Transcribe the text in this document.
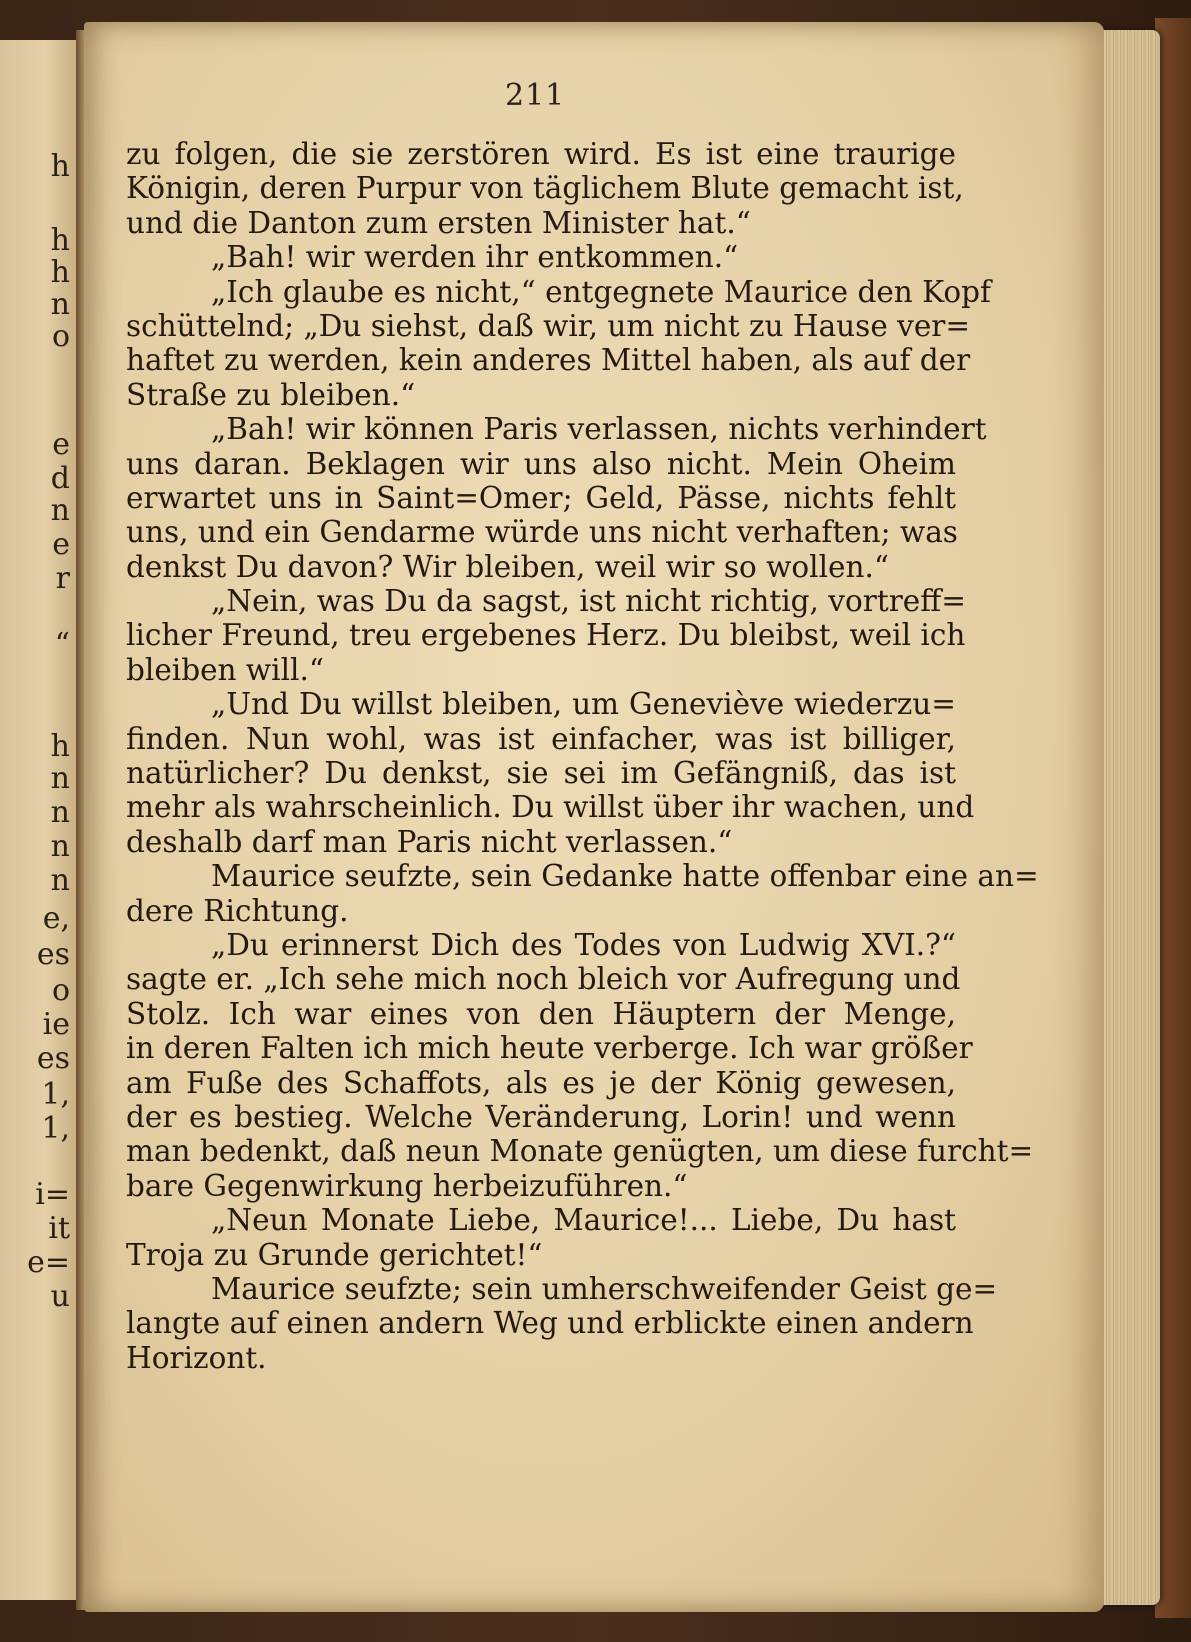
h
h
h
n
o
e
d
n
e
r
“
h
n
n
n
n
e,
es
o
ie
es
1,
1,
i=
it
e=
u
211
zu folgen, die sie zerstören wird. Es ist eine traurige
Königin, deren Purpur von täglichem Blute gemacht ist,
und die Danton zum ersten Minister hat.“
„Bah! wir werden ihr entkommen.“
„Ich glaube es nicht,“ entgegnete Maurice den Kopf
schüttelnd; „Du siehst, daß wir, um nicht zu Hause ver=
haftet zu werden, kein anderes Mittel haben, als auf der
Straße zu bleiben.“
„Bah! wir können Paris verlassen, nichts verhindert
uns daran. Beklagen wir uns also nicht. Mein Oheim
erwartet uns in Saint=Omer; Geld, Pässe, nichts fehlt
uns, und ein Gendarme würde uns nicht verhaften; was
denkst Du davon? Wir bleiben, weil wir so wollen.“
„Nein, was Du da sagst, ist nicht richtig, vortreff=
licher Freund, treu ergebenes Herz. Du bleibst, weil ich
bleiben will.“
„Und Du willst bleiben, um Geneviève wiederzu=
finden. Nun wohl, was ist einfacher, was ist billiger,
natürlicher? Du denkst, sie sei im Gefängniß, das ist
mehr als wahrscheinlich. Du willst über ihr wachen, und
deshalb darf man Paris nicht verlassen.“
Maurice seufzte, sein Gedanke hatte offenbar eine an=
dere Richtung.
„Du erinnerst Dich des Todes von Ludwig XVI.?“
sagte er. „Ich sehe mich noch bleich vor Aufregung und
Stolz. Ich war eines von den Häuptern der Menge,
in deren Falten ich mich heute verberge. Ich war größer
am Fuße des Schaffots, als es je der König gewesen,
der es bestieg. Welche Veränderung, Lorin! und wenn
man bedenkt, daß neun Monate genügten, um diese furcht=
bare Gegenwirkung herbeizuführen.“
„Neun Monate Liebe, Maurice!... Liebe, Du hast
Troja zu Grunde gerichtet!“
Maurice seufzte; sein umherschweifender Geist ge=
langte auf einen andern Weg und erblickte einen andern
Horizont.
